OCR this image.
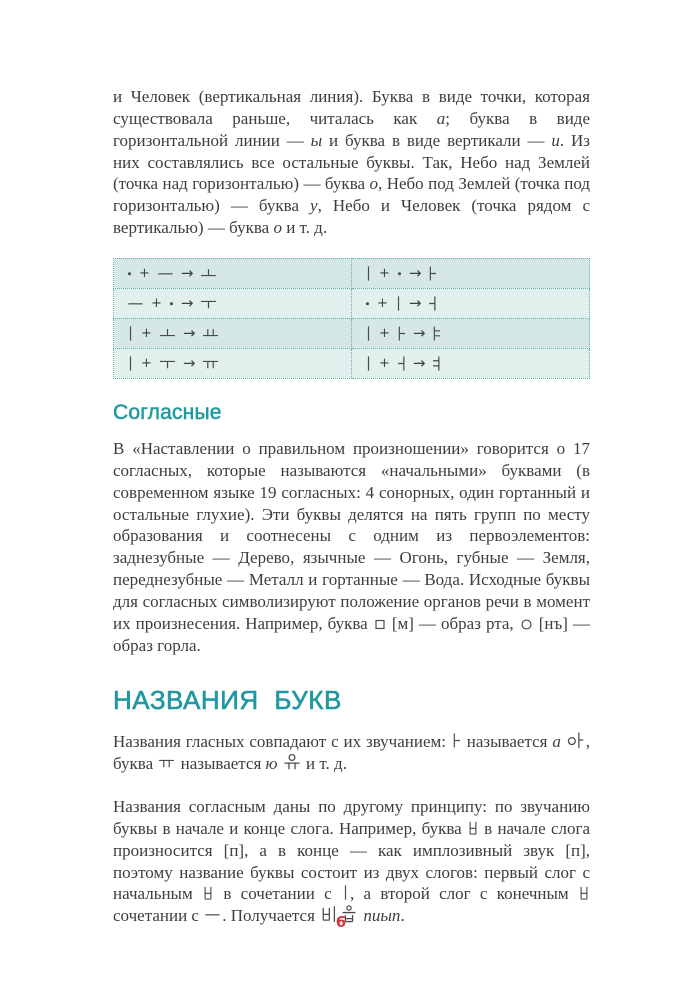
и Человек (вертикальная линия). Буква в виде точки, которая существовала раньше, читалась как а; буква в виде горизонтальной линии — ы и буква в виде вертикали — и. Из них составлялись все остальные буквы. Так, Небо над Землей (точка над горизонталью) — буква о, Небо под Землей (точка под горизонталью) — буква у, Небо и Человек (точка рядом с вертикалью) — буква о и т. д.

+ →	+ →

+ →	+ →

+ →	+ →

+ →	+ →
Согласные

В «Наставлении о правильном произношении» говорится о 17 согласных, которые называются «начальными» буквами (в современном языке 19 согласных: 4 сонорных, один гортанный и остальные глухие). Эти буквы делятся на пять групп по месту образования и соотнесены с одним из первоэлементов: заднезубные — Дерево, язычные — Огонь, губные — Земля, переднезубные — Металл и гортанные — Вода. Исходные буквы для согласных символизируют положение органов речи в момент их произнесения. Например, буква  [м] — образ рта,  [нъ] — образ горла.

НАЗВАНИЯ БУКВ

Названия гласных совпадают с их звучанием:  называется а , буква  называется ю  и т. д.

Названия согласным даны по другому принципу: по звучанию буквы в начале и конце слога. Например, буква  в начале слога произносится [п], а в конце — как имплозивный звук [п], поэтому название буквы состоит из двух слогов: первый слог с начальным  в сочетании с , а второй слог с конечным  сочетании с . Получается	пиып.

6
